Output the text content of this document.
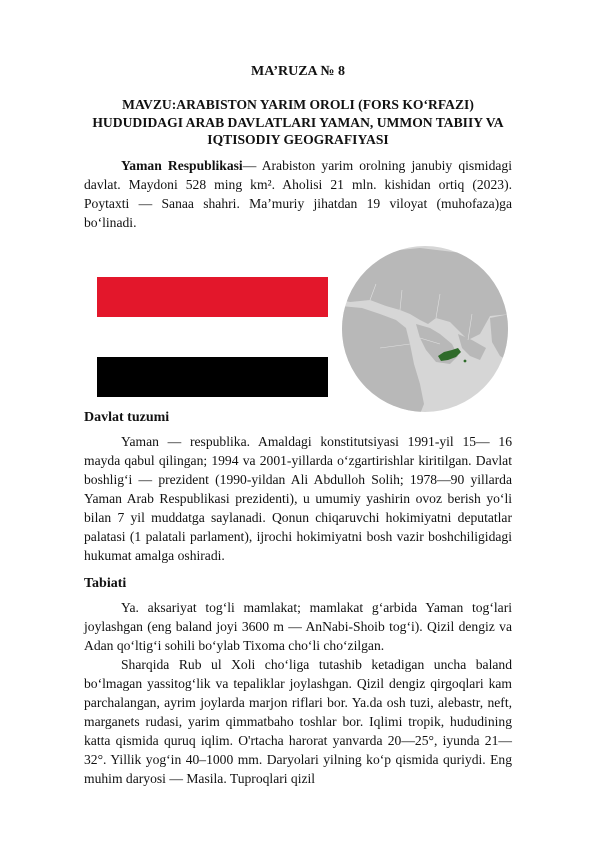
MA’RUZA № 8
MAVZU:ARABISTON YARIM OROLI (FORS KO‘RFAZI) HUDUDIDAGI ARAB DAVLATLARI YAMAN, UMMON TABIIY VA IQTISODIY GEOGRAFIYASI

Yaman Respublikasi— Arabiston yarim orolning janubiy qismidagi davlat. Maydoni 528 ming km². Aholisi 21 mln. kishidan ortiq (2023). Poytaxti — Sanaa shahri. Ma’muriy jihatdan 19 viloyat (muhofaza)ga bo‘linadi.

Davlat tuzumi

Yaman — respublika. Amaldagi konstitutsiyasi 1991-yil 15— 16 mayda qabul qilingan; 1994 va 2001-yillarda o‘zgartirishlar kiritilgan. Davlat boshlig‘i — prezident (1990-yildan Ali Abdulloh Solih; 1978—90 yillarda Yaman Arab Respublikasi prezidenti), u umumiy yashirin ovoz berish yo‘li bilan 7 yil muddatga saylanadi. Qonun chiqaruvchi hokimiyatni deputatlar palatasi (1 palatali parlament), ijrochi hokimiyatni bosh vazir boshchiligidagi hukumat amalga oshiradi.

Tabiati

Ya. aksariyat tog‘li mamlakat; mamlakat g‘arbida Yaman tog‘lari joylashgan (eng baland joyi 3600 m — AnNabi-Shoib tog‘i). Qizil dengiz va Adan qo‘ltig‘i sohili bo‘ylab Tixoma cho‘li cho‘zilgan.

Sharqida Rub ul Xoli cho‘liga tutashib ketadigan uncha baland bo‘lmagan yassitog‘lik va tepaliklar joylashgan. Qizil dengiz qirgoqlari kam parchalangan, ayrim joylarda marjon riflari bor. Ya.da osh tuzi, alebastr, neft, marganets rudasi, yarim qimmatbaho toshlar bor. Iqlimi tropik, hududining katta qismida quruq iqlim. O'rtacha harorat yanvarda 20—25°, iyunda 21—32°. Yillik yog‘in 40–1000 mm. Daryolari yilning ko‘p qismida quriydi. Eng muhim daryosi — Masila. Tuproqlari qizil
